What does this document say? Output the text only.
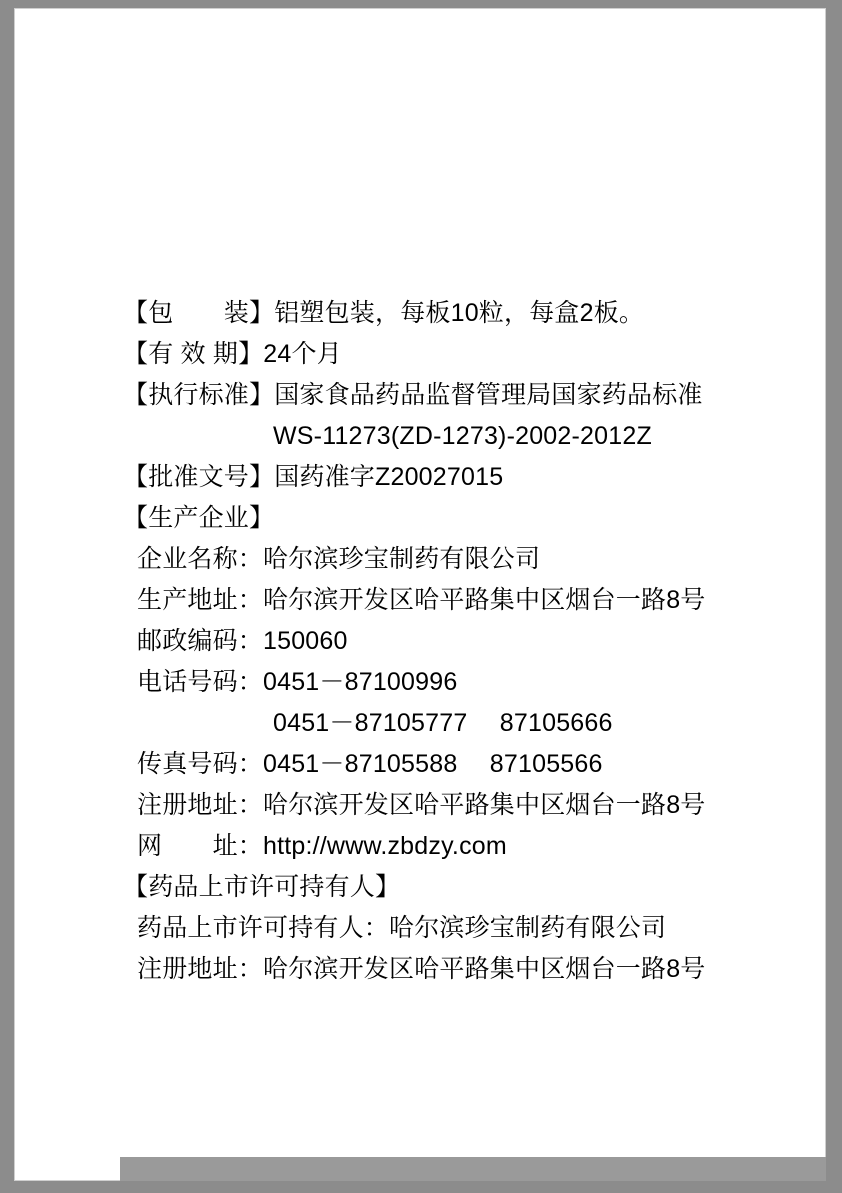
【包　　装】铝塑包装，每板10粒，每盒2板。
【有 效 期】24个月
【执行标准】国家食品药品监督管理局国家药品标准
WS-11273(ZD-1273)-2002-2012Z
【批准文号】国药准字Z20027015
【生产企业】
企业名称：哈尔滨珍宝制药有限公司
生产地址：哈尔滨开发区哈平路集中区烟台一路8号
邮政编码：150060
电话号码：0451－87100996
0451－87105777　 87105666
传真号码：0451－87105588　 87105566
注册地址：哈尔滨开发区哈平路集中区烟台一路8号
网　　址：http://www.zbdzy.com
【药品上市许可持有人】
药品上市许可持有人：哈尔滨珍宝制药有限公司
注册地址：哈尔滨开发区哈平路集中区烟台一路8号
